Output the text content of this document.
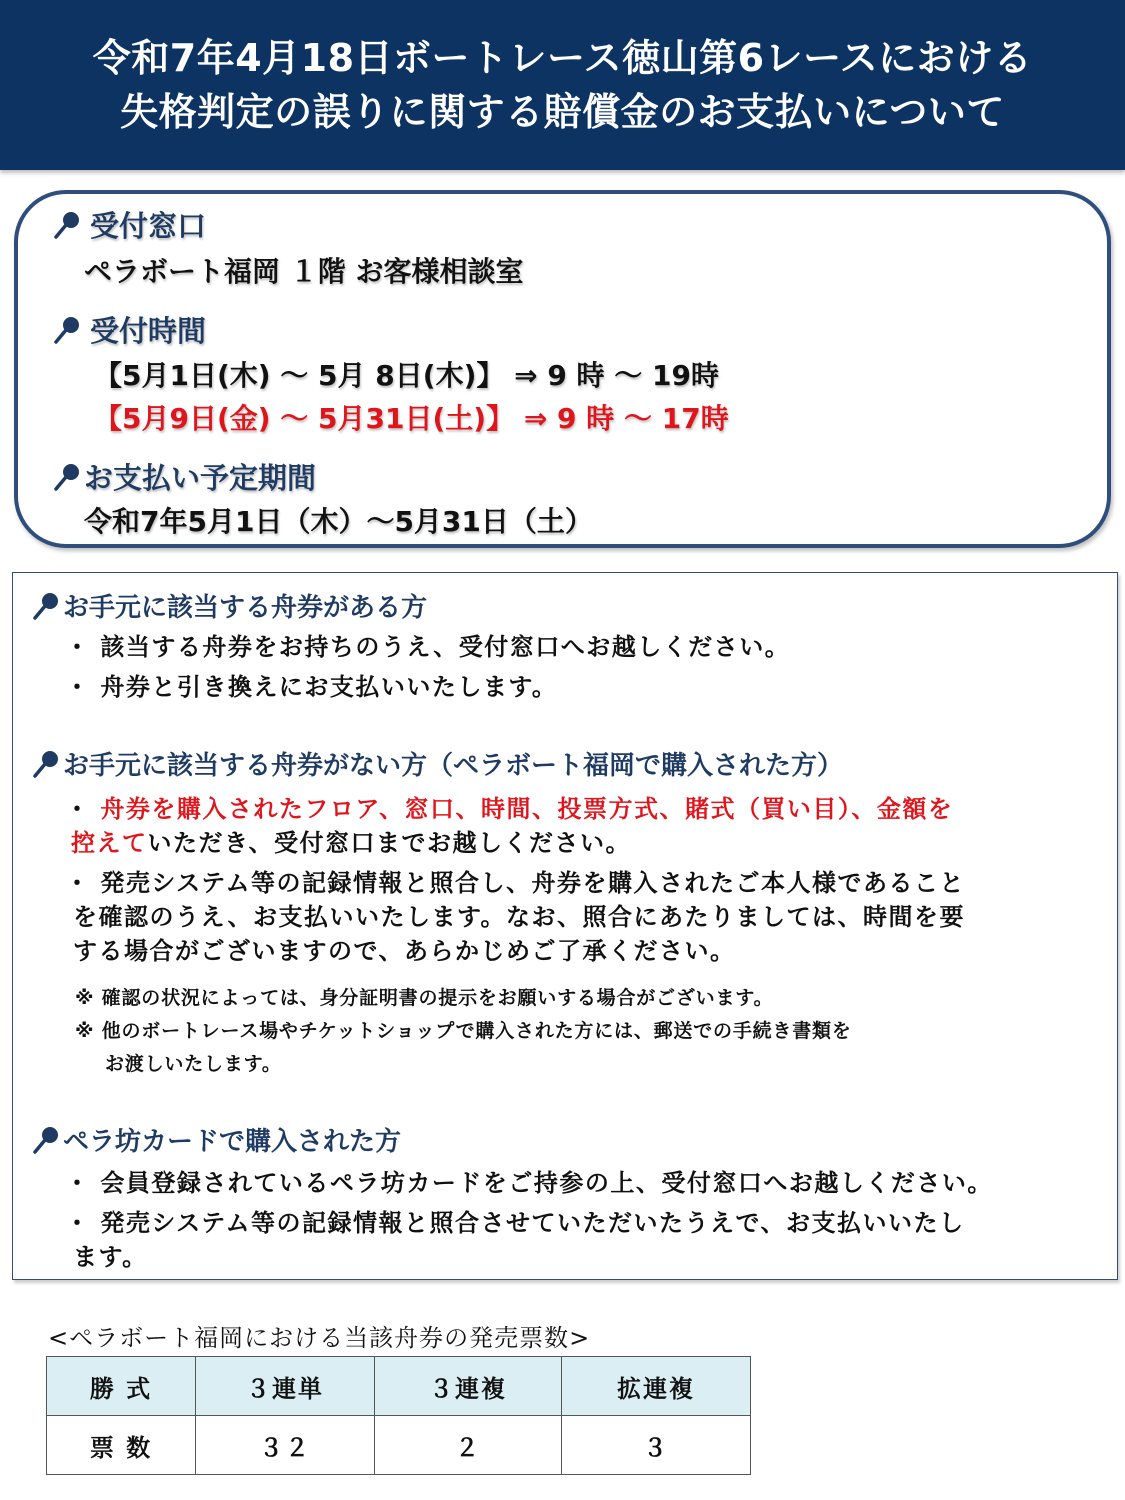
令和7年4月18日ボートレース徳山第6レースにおける
失格判定の誤りに関する賠償金のお支払いについて
受付窓口
ペラボート福岡 １階 お客様相談室
受付時間
【5月1日(木) ～ 5月 8日(木)】 ⇒ 9 時 ～ 19時
【5月9日(金) ～ 5月31日(土)】 ⇒ 9 時 ～ 17時
お支払い予定期間
令和7年5月1日（木）～5月31日（土）
お手元に該当する舟券がある方
・ 該当する舟券をお持ちのうえ、受付窓口へお越しください。
・ 舟券と引き換えにお支払いいたします。
お手元に該当する舟券がない方（ペラボート福岡で購入された方）
・ 舟券を購入されたフロア、窓口、時間、投票方式、賭式（買い目）、金額を
控えていただき、受付窓口までお越しください。
・ 発売システム等の記録情報と照合し、舟券を購入されたご本人様であること
を確認のうえ、お支払いいたします。なお、照合にあたりましては、時間を要
する場合がございますので、あらかじめご了承ください。
※ 確認の状況によっては、身分証明書の提示をお願いする場合がございます。
※ 他のボートレース場やチケットショップで購入された方には、郵送での手続き書類を
お渡しいたします。
ペラ坊カードで購入された方
・ 会員登録されているペラ坊カードをご持参の上、受付窓口へお越しください。
・ 発売システム等の記録情報と照合させていただいたうえで、お支払いいたし
ます。
<ペラボート福岡における当該舟券の発売票数>
勝 式	３連単	３連複	拡連複
票 数	３２	２	３
